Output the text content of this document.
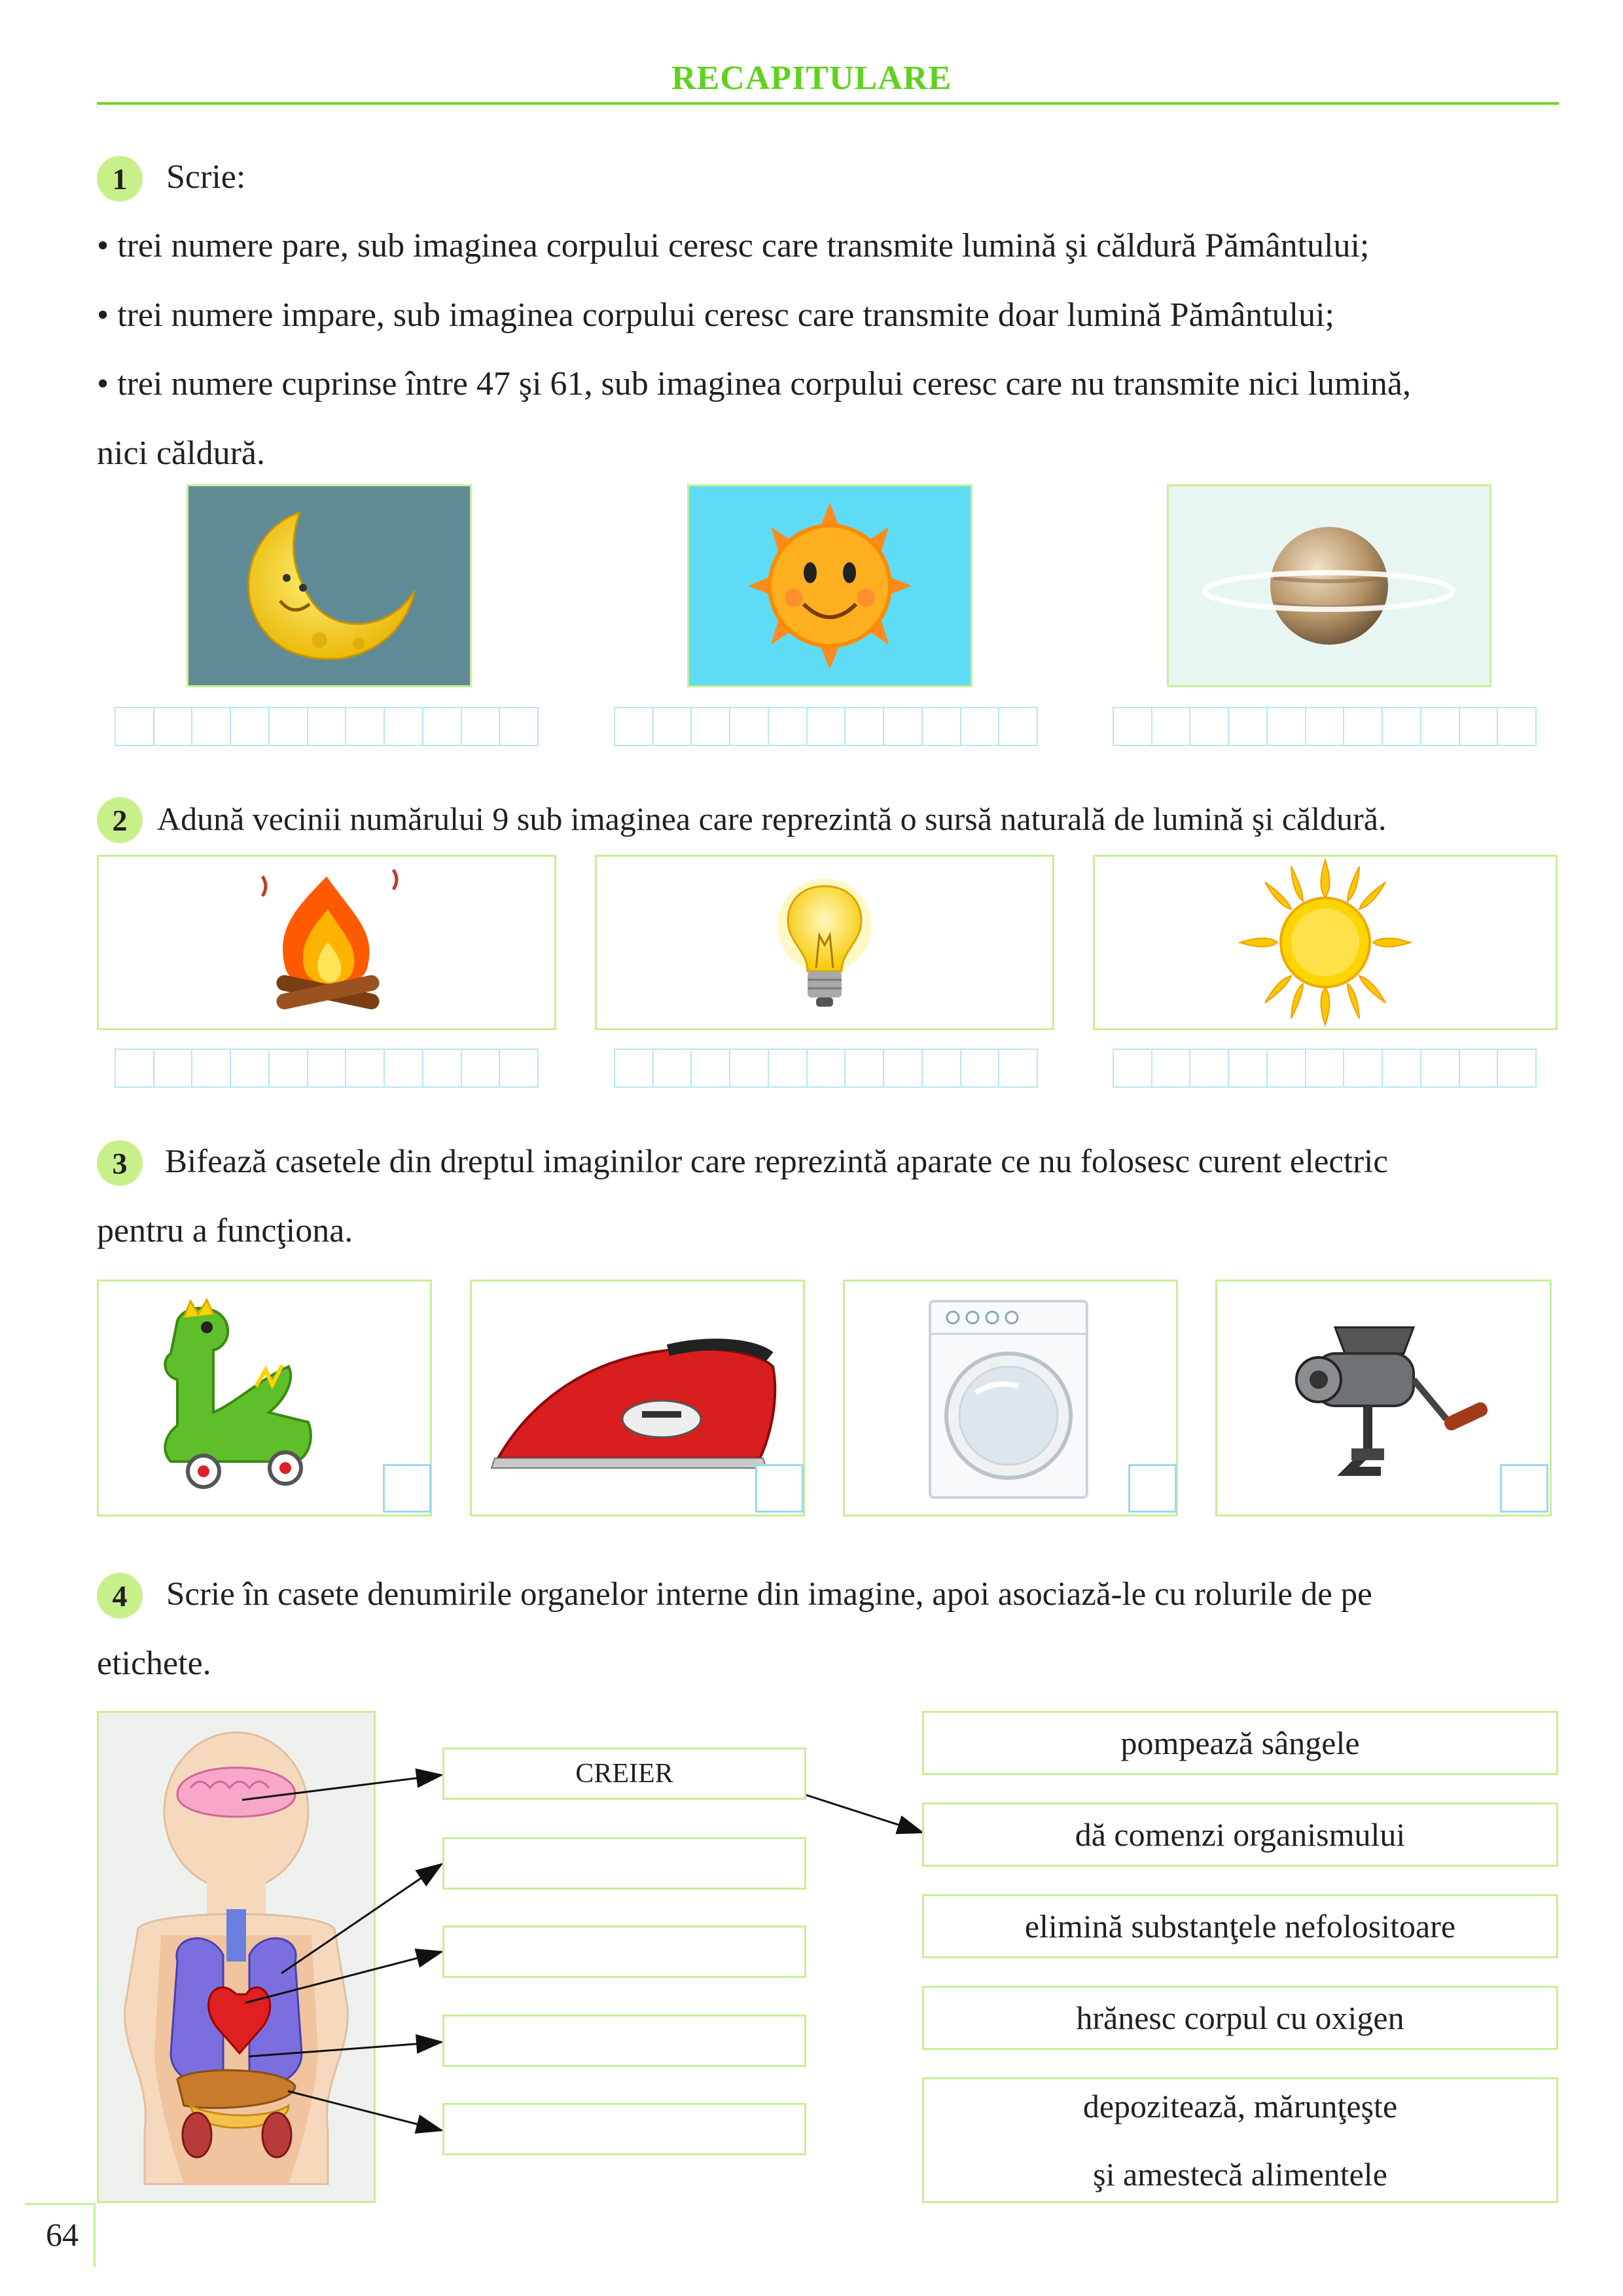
RECAPITULARE
1	Scrie:
• trei numere pare, sub imaginea corpului ceresc care transmite lumină şi căldură Pământului;
• trei numere impare, sub imaginea corpului ceresc care transmite doar lumină Pământului;
• trei numere cuprinse între 47 şi 61, sub imaginea corpului ceresc care nu transmite nici lumină,
nici căldură.
2 Adună vecinii numărului 9 sub imaginea care reprezintă o sursă naturală de lumină şi căldură.
3	Bifează casetele din dreptul imaginilor care reprezintă aparate ce nu folosesc curent electric
pentru a funcţiona.
4	Scrie în casete denumirile organelor interne din imagine, apoi asociază-le cu rolurile de pe
etichete.
CREIER
pompează sângele
dă comenzi organismului
elimină substanţele nefolositoare
hrănesc corpul cu oxigen
depozitează, mărunţeşte
şi amestecă alimentele
64
